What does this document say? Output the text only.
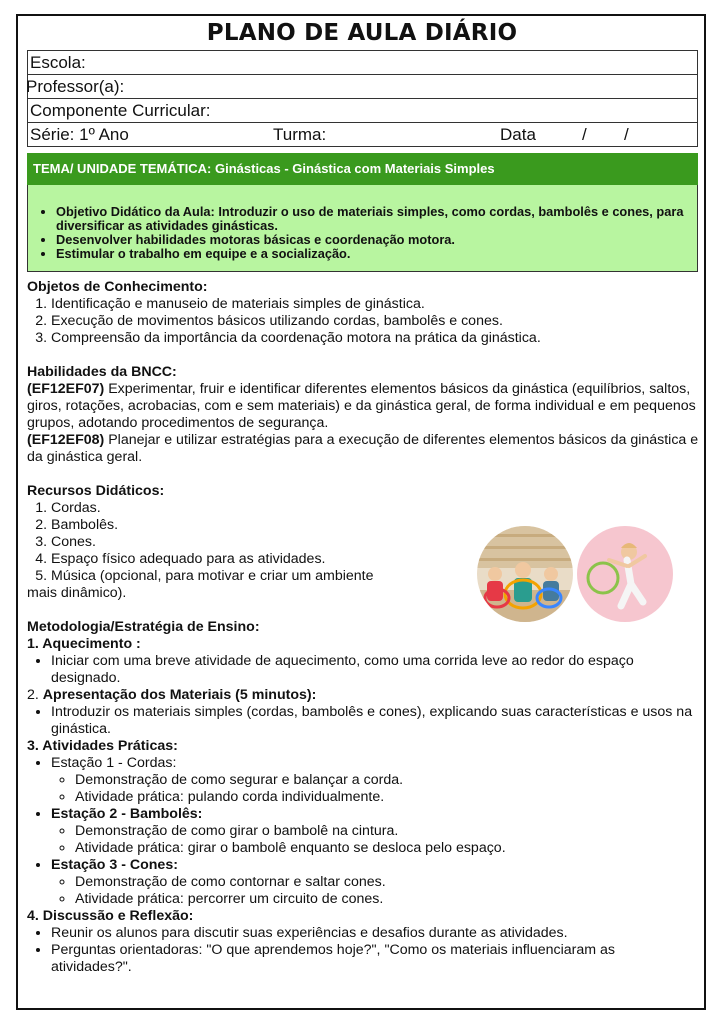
PLANO DE AULA DIÁRIO
Escola:
Professor(a):
Componente Curricular:
Série: 1º Ano	Turma:	Data	/ /
TEMA/ UNIDADE TEMÁTICA: Ginásticas - Ginástica com Materiais Simples
• Objetivo Didático da Aula: Introduzir o uso de materiais simples, como cordas, bambolês e cones, para diversificar as atividades ginásticas.
• Desenvolver habilidades motoras básicas e coordenação motora.
• Estimular o trabalho em equipe e a socialização.
Objetos de Conhecimento:
1. Identificação e manuseio de materiais simples de ginástica.
2. Execução de movimentos básicos utilizando cordas, bambolês e cones.
3. Compreensão da importância da coordenação motora na prática da ginástica.
Habilidades da BNCC:
(EF12EF07) Experimentar, fruir e identificar diferentes elementos básicos da ginástica (equilíbrios, saltos, giros, rotações, acrobacias, com e sem materiais) e da ginástica geral, de forma individual e em pequenos grupos, adotando procedimentos de segurança.
(EF12EF08) Planejar e utilizar estratégias para a execução de diferentes elementos básicos da ginástica e da ginástica geral.
Recursos Didáticos:
1. Cordas.
2. Bambolês.
3. Cones.
4. Espaço físico adequado para as atividades.
5. Música (opcional, para motivar e criar um ambiente
mais dinâmico).
Metodologia/Estratégia de Ensino:
1. Aquecimento :
• Iniciar com uma breve atividade de aquecimento, como uma corrida leve ao redor do espaço designado.
2. Apresentação dos Materiais (5 minutos):
• Introduzir os materiais simples (cordas, bambolês e cones), explicando suas características e usos na ginástica.
3. Atividades Práticas:
• Estação 1 - Cordas:
◦ Demonstração de como segurar e balançar a corda.
◦ Atividade prática: pulando corda individualmente.
• Estação 2 - Bambolês:
◦ Demonstração de como girar o bambolê na cintura.
◦ Atividade prática: girar o bambolê enquanto se desloca pelo espaço.
• Estação 3 - Cones:
◦ Demonstração de como contornar e saltar cones.
◦ Atividade prática: percorrer um circuito de cones.
4. Discussão e Reflexão:
• Reunir os alunos para discutir suas experiências e desafios durante as atividades.
• Perguntas orientadoras: "O que aprendemos hoje?", "Como os materiais influenciaram as atividades?".
